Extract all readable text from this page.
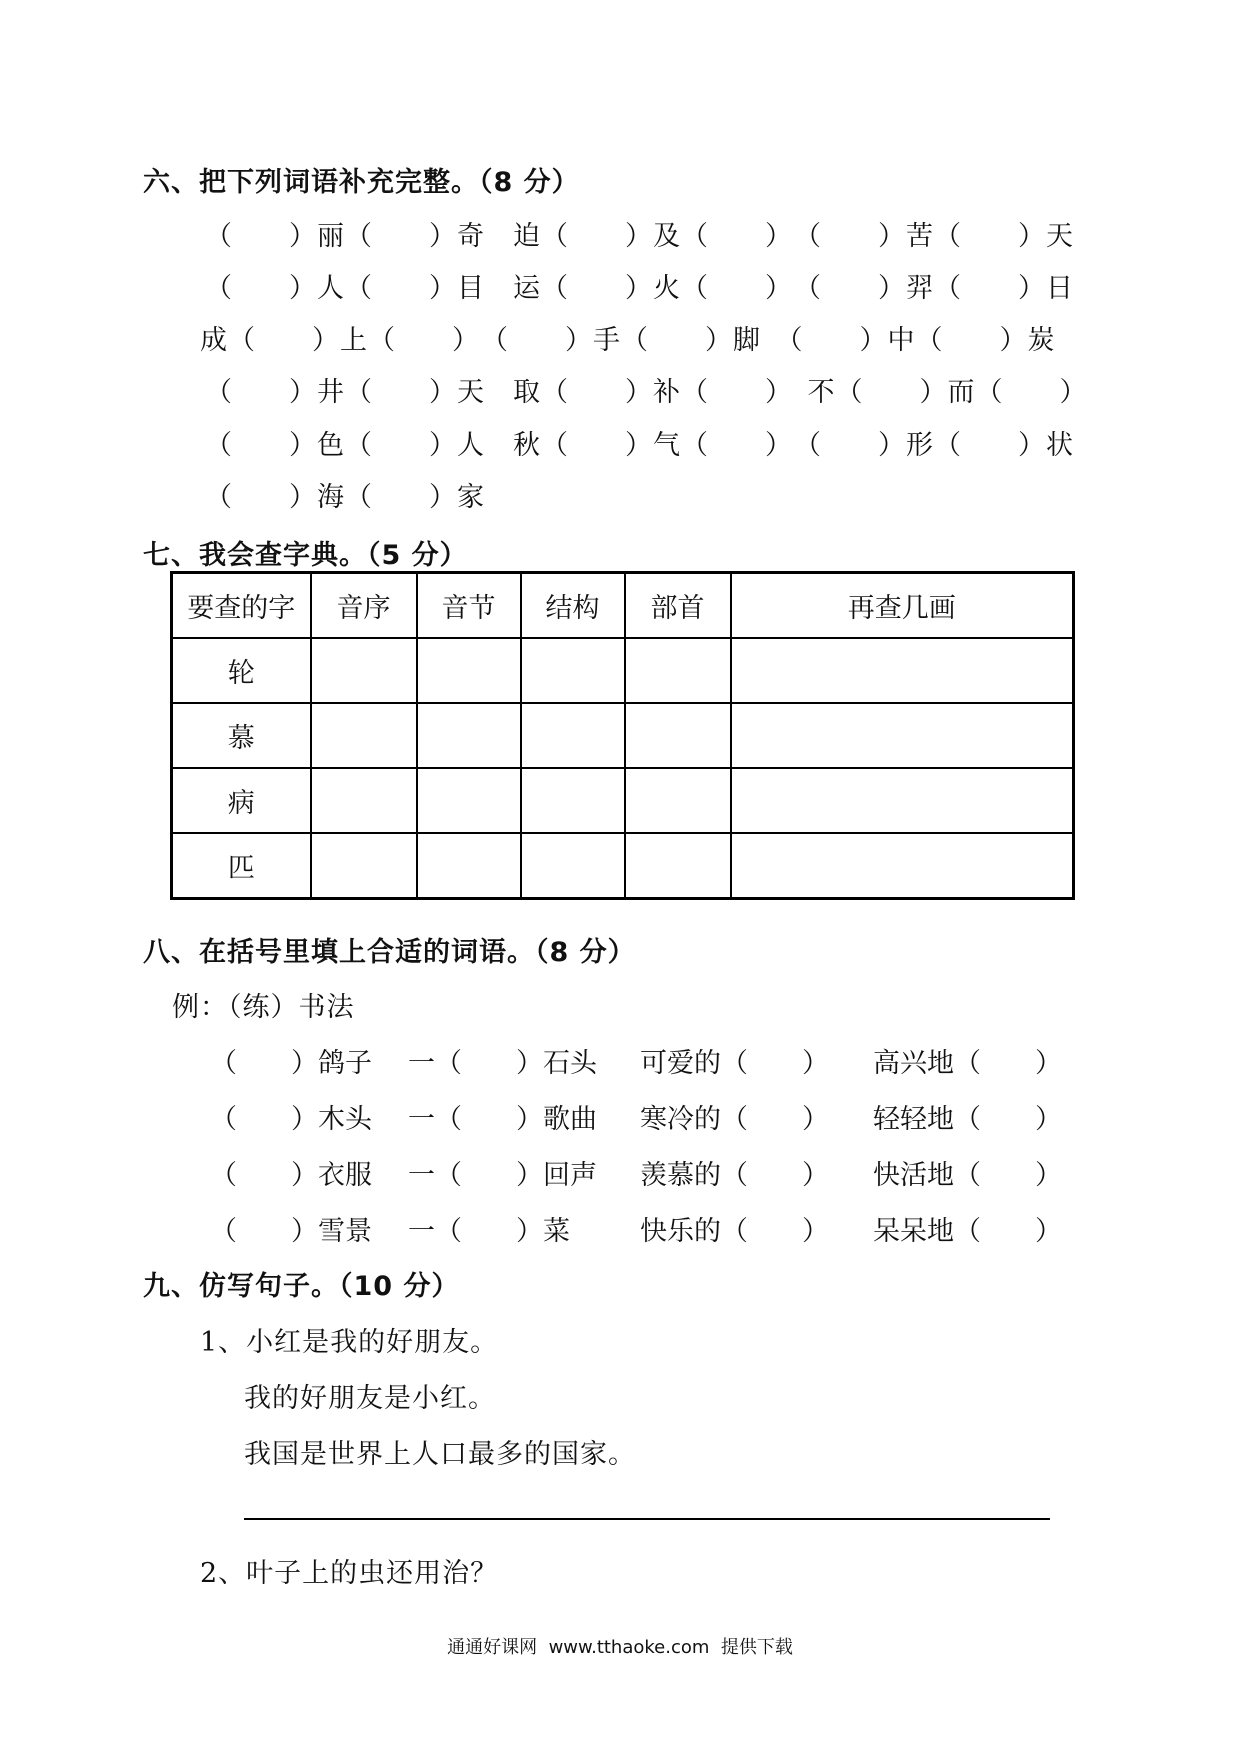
六、把下列词语补充完整。（8 分）
（　　）丽（　　）奇　迫（　　）及（　　）　（　　）苦（　　）天
（　　）人（　　）目　运（　　）火（　　）　（　　）羿（　　）日
成（　　）上（　　）　（　　）手（　　）脚　（　　）中（　　）炭
（　　）井（　　）天　取（　　）补（　　）　不（　　）而（　　）
（　　）色（　　）人　秋（　　）气（　　）　（　　）形（　　）状
（　　）海（　　）家
七、我会查字典。（5 分）
要查的字	音序	音节	结构	部首	再查几画
轮					
慕					
病					
匹					
八、在括号里填上合适的词语。（8 分）
例：（练）书法
（　　）鸽子 一（　　）石头 可爱的（　　） 高兴地（　　）
（　　）木头 一（　　）歌曲 寒冷的（　　） 轻轻地（　　）
（　　）衣服 一（　　）回声 羡慕的（　　） 快活地（　　）
（　　）雪景 一（　　）菜	快乐的（　　） 呆呆地（　　）
九、仿写句子。（10 分）
1、小红是我的好朋友。
我的好朋友是小红。
我国是世界上人口最多的国家。
2、叶子上的虫还用治？
通通好课网  www.tthaoke.com  提供下载
